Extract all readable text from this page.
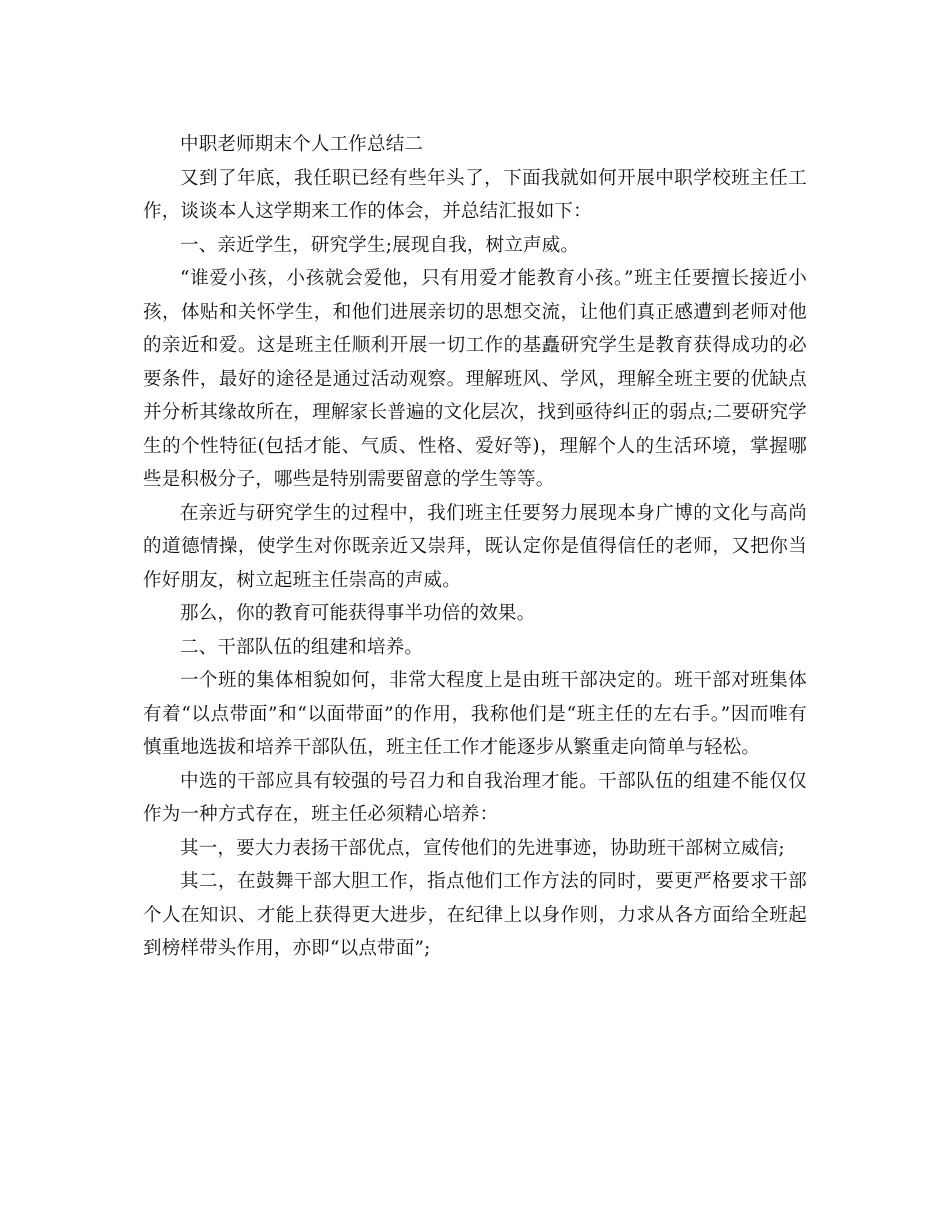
中职老师期末个人工作总结二

又到了年底，我任职已经有些年头了，下面我就如何开展中职学校班主任工作，谈谈本人这学期来工作的体会，并总结汇报如下：

一、亲近学生，研究学生;展现自我，树立声威。

“谁爱小孩，小孩就会爱他，只有用爱才能教育小孩。”班主任要擅长接近小孩，体贴和关怀学生，和他们进展亲切的思想交流，让他们真正感遭到老师对他的亲近和爱。这是班主任顺利开展一切工作的基矗研究学生是教育获得成功的必要条件，最好的途径是通过活动观察。理解班风、学风，理解全班主要的优缺点并分析其缘故所在，理解家长普遍的文化层次，找到亟待纠正的弱点;二要研究学生的个性特征(包括才能、气质、性格、爱好等)，理解个人的生活环境，掌握哪些是积极分子，哪些是特别需要留意的学生等等。

在亲近与研究学生的过程中，我们班主任要努力展现本身广博的文化与高尚的道德情操，使学生对你既亲近又崇拜，既认定你是值得信任的老师，又把你当作好朋友，树立起班主任崇高的声威。

那么，你的教育可能获得事半功倍的效果。

二、干部队伍的组建和培养。

一个班的集体相貌如何，非常大程度上是由班干部决定的。班干部对班集体有着“以点带面”和“以面带面”的作用，我称他们是“班主任的左右手。”因而唯有慎重地选拔和培养干部队伍，班主任工作才能逐步从繁重走向简单与轻松。

中选的干部应具有较强的号召力和自我治理才能。干部队伍的组建不能仅仅作为一种方式存在，班主任必须精心培养：

其一，要大力表扬干部优点，宣传他们的先进事迹，协助班干部树立威信;

其二，在鼓舞干部大胆工作，指点他们工作方法的同时，要更严格要求干部个人在知识、才能上获得更大进步，在纪律上以身作则，力求从各方面给全班起到榜样带头作用，亦即“以点带面”;
